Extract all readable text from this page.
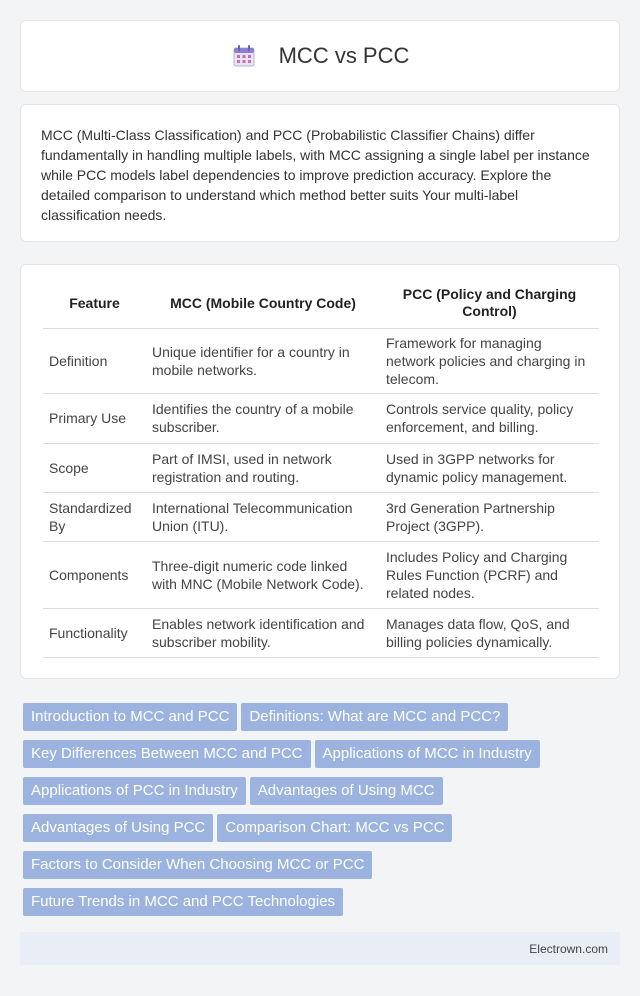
MCC vs PCC

MCC (Multi-Class Classification) and PCC (Probabilistic Classifier Chains) differ fundamentally in handling multiple labels, with MCC assigning a single label per instance while PCC models label dependencies to improve prediction accuracy. Explore the detailed comparison to understand which method better suits Your multi-label classification needs.

Feature	MCC (Mobile Country Code)	PCC (Policy and Charging Control)
Definition	Unique identifier for a country in mobile networks.	Framework for managing network policies and charging in telecom.
Primary Use	Identifies the country of a mobile subscriber.	Controls service quality, policy enforcement, and billing.
Scope	Part of IMSI, used in network registration and routing.	Used in 3GPP networks for dynamic policy management.
Standardized By	International Telecommunication Union (ITU).	3rd Generation Partnership Project (3GPP).
Components	Three-digit numeric code linked with MNC (Mobile Network Code).	Includes Policy and Charging Rules Function (PCRF) and related nodes.
Functionality	Enables network identification and subscriber mobility.	Manages data flow, QoS, and billing policies dynamically.
Introduction to MCC and PCC Definitions: What are MCC and PCC?
Key Differences Between MCC and PCC Applications of MCC in Industry
Applications of PCC in Industry Advantages of Using MCC
Advantages of Using PCC Comparison Chart: MCC vs PCC
Factors to Consider When Choosing MCC or PCC
Future Trends in MCC and PCC Technologies
Electrown.com
